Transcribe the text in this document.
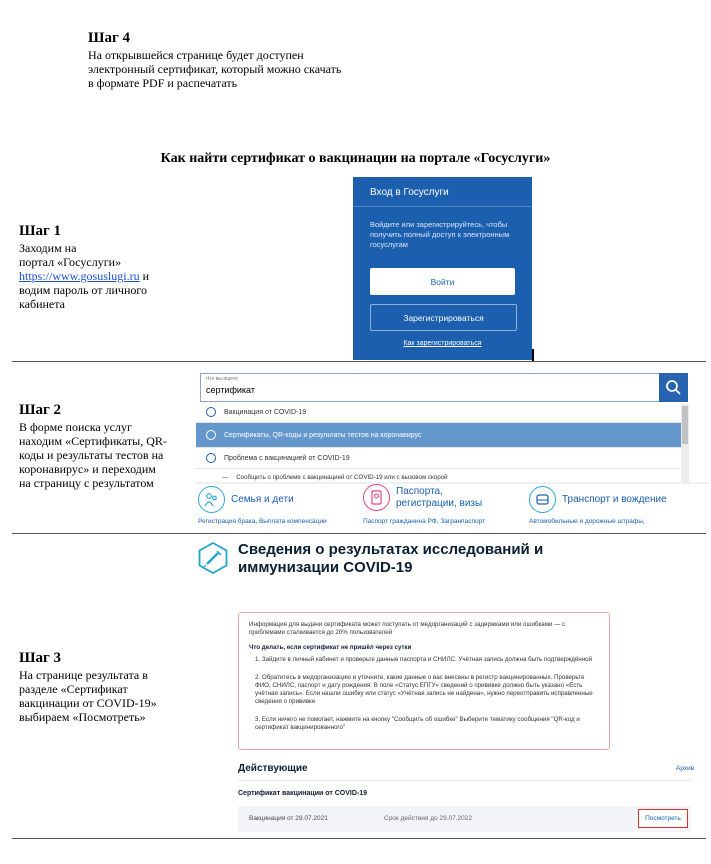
Шаг 4
На открывшейся странице будет доступен
электронный сертификат, который можно скачать
в формате PDF и распечатать
Как найти сертификат о вакцинации на портале «Госуслуги»
Шаг 1
Заходим на
портал «Госуслуги»
https://www.gosuslugi.ru и
водим пароль от личного
кабинета
Вход в Госуслуги
Войдите или зарегистрируйтесь, чтобы получить полный доступ к электронным госуслугам
Войти
Зарегистрироваться
Как зарегистрироваться
Шаг 2
В форме поиска услуг
находим «Сертификаты, QR-
коды и результаты тестов на
коронавирус» и переходим
на страницу с результатом
Что вы ищете
сертификат
Вакцинация от COVID-19
Сертификаты, QR-коды и результаты тестов на коронавирус
Проблема с вакцинацией от COVID-19
— Сообщить о проблеме с вакцинацией от COVID-19 или с вызовом скорой
Семья и дети
Регистрация брака, Выплата компенсации
Паспорта, регистрации, визы
Паспорт гражданина РФ, Загранпаспорт
Транспорт и вождение
Автомобильные и дорожные штрафы,
Шаг 3
На странице результата в
разделе «Сертификат
вакцинации от COVID-19»
выбираем «Посмотреть»
Сведения о результатах исследований и иммунизации COVID-19
Информация для выдачи сертификата может поступать от медорганизаций с задержками или ошибками — с проблемами сталкивается до 20% пользователей
Что делать, если сертификат не пришёл через сутки
1. Зайдите в личный кабинет и проверьте данные паспорта и СНИЛС. Учётная запись должна быть подтверждённой
2. Обратитесь в медорганизацию и уточните, какие данные о вас внесены в регистр вакцинированных. Проверьте ФИО, СНИЛС, паспорт и дату рождения. В поле «Статус ЕПГУ» сведений о прививке должно быть указано «Есть учётная запись». Если нашли ошибку или статус «Учётная запись не найдена», нужно переотправить исправленные сведения о прививке
3. Если ничего не помогает, нажмите на кнопку "Сообщить об ошибке" Выберите тематику сообщения "QR-код и сертификат вакцинированного"
Действующие	Архив
Сертификат вакцинации от COVID-19
Вакцинация от 29.07.2021	Срок действия до 29.07.2022	Посмотреть
